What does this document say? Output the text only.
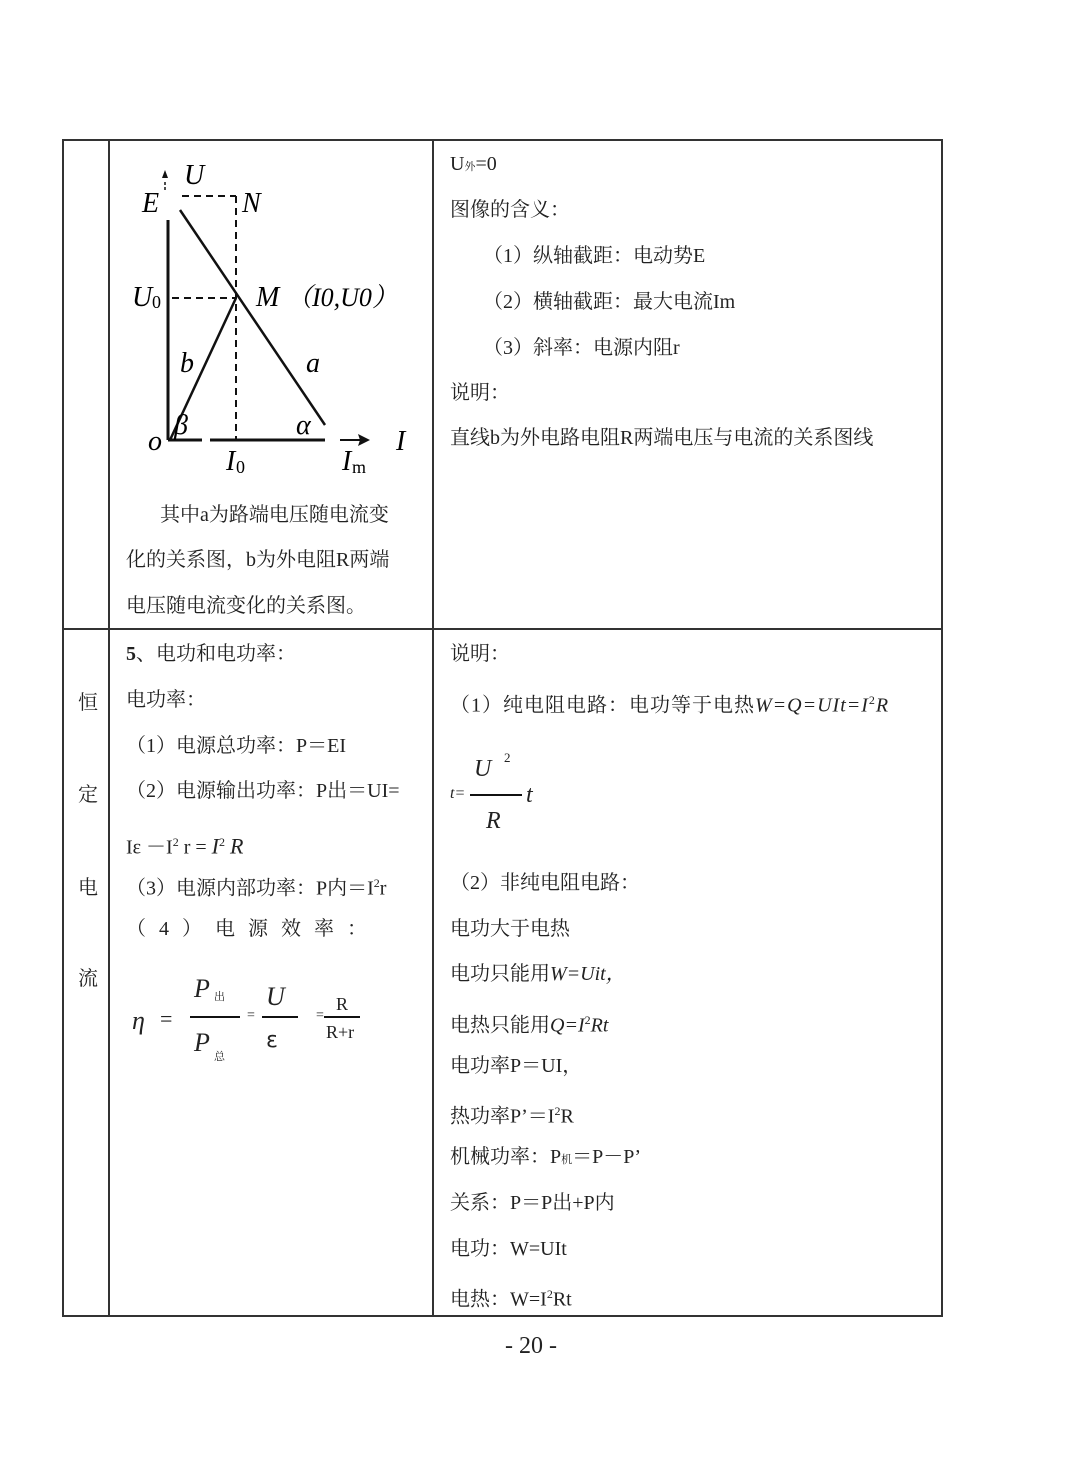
U
E	N
U 0	M （I0,U0）
b	a
β	α
o
I 0	I m
I
其中a为路端电压随电流变
化的关系图，b为外电阻R两端
电压随电流变化的关系图。
U外=0
图像的含义：
（1）纵轴截距：电动势E
（2）横轴截距：最大电流Im
（3）斜率：电源内阻r
说明：
直线b为外电路电阻R两端电压与电流的关系图线
恒
定
电
流
5、电功和电功率：
电功率：
（1）电源总功率：P＝EI
（2）电源输出功率：P出＝UI=
$I\varepsilon -I^2$ $r = I^2$ R
（3）电源内部功率：P内$=I^2r$
（ 4 ） 电 源 效 率 ：
η =
P 出
P 总
=
U
ε
=
R
R+r
说明：
（1）纯电阻电路：电功等于电热$W=Q=UIt=I^2R$
t=
U 2
R
t
（2）非纯电阻电路：
电功大于电热
电功只能用W=Uit，
电热只能用$Q=I^2Rt$
电功率P＝UI，
热功率$P’=I^2R$
机械功率：P机＝P－P’
关系：P＝P出+P内
电功：W=UIt
电热：$W=I^2Rt$
- 20 -
